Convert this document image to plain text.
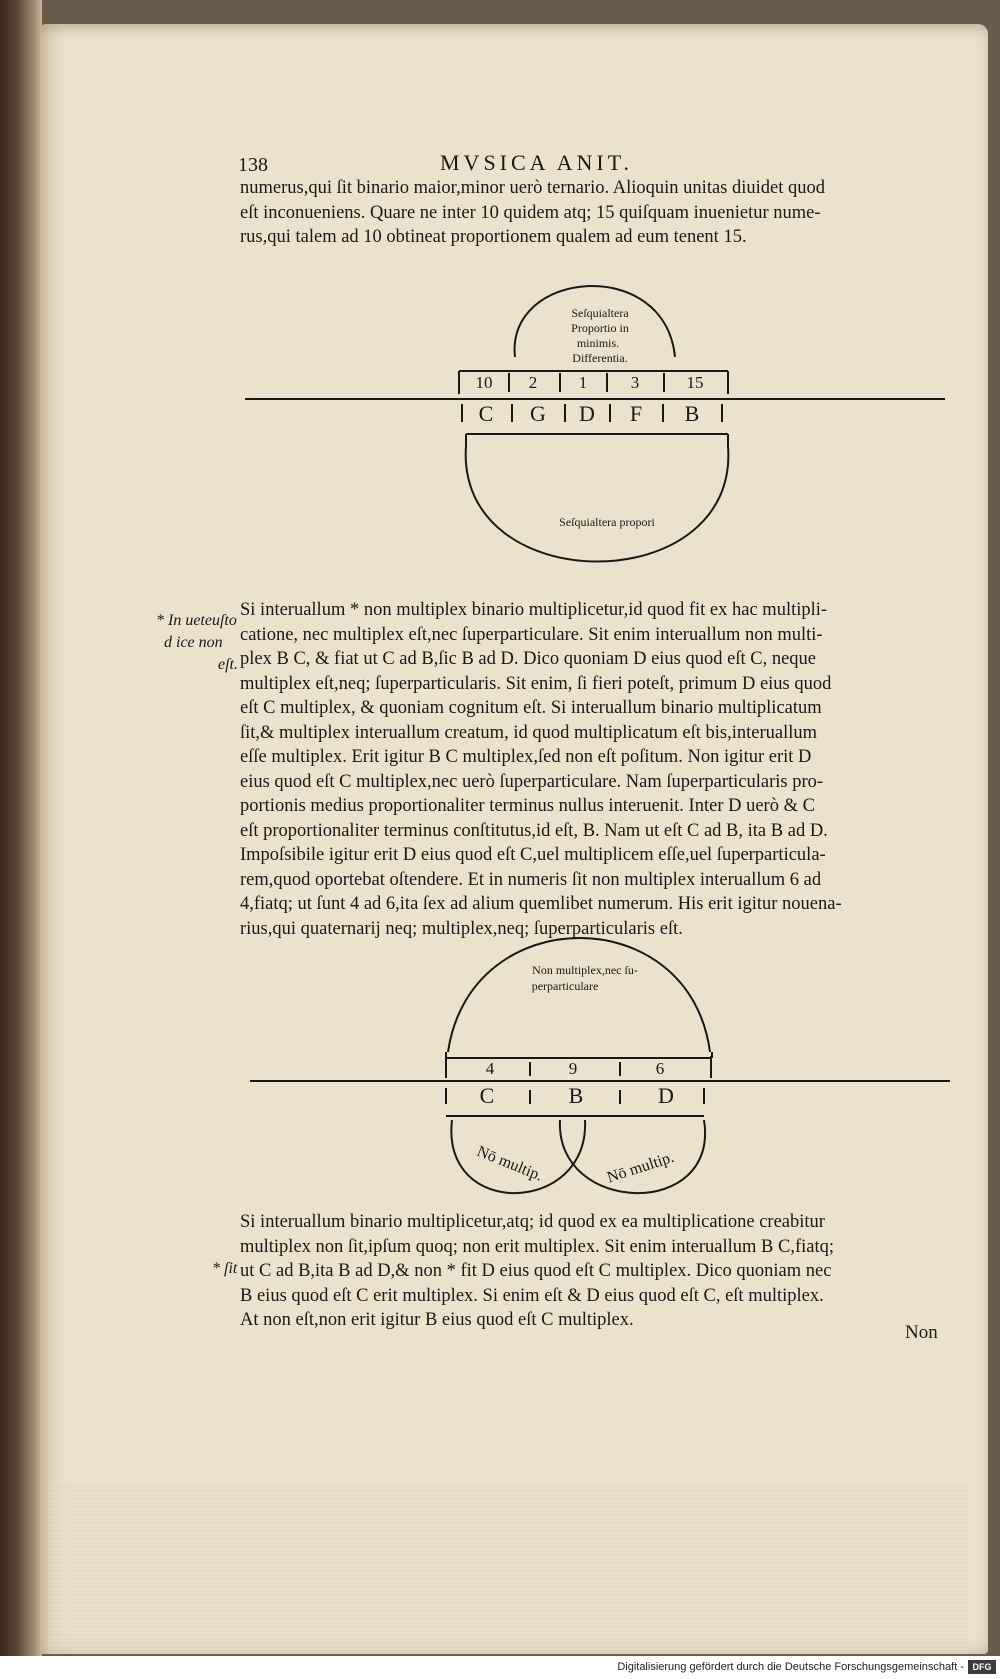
138	MVSICA ANIT.
numerus,qui ſit binario maior,minor uerò ternario. Alioquin unitas diuidet quod
eſt inconueniens. Quare ne inter 10 quidem atq; 15 quiſquam inuenietur nume-
rus,qui talem ad 10 obtineat proportionem qualem ad eum tenent 15.
Seſquialtera
Proportio in
minimis.
Differentia.
10 2 1	3	15
C G D F B
Seſquialtera propori
Non multiplex,nec ſu-
perparticulare
4	9	6
C	B	D
Nō multip.	Nō multip.
* In ueteuſto
d ice non
eſt.
Si interuallum * non multiplex binario multiplicetur,id quod fit ex hac multipli-
catione, nec multiplex eſt,nec ſuperparticulare. Sit enim interuallum non multi-
plex B C, & fiat ut C ad B,ſic B ad D. Dico quoniam D eius quod eſt C, neque
multiplex eſt,neq; ſuperparticularis. Sit enim, ſi fieri poteſt, primum D eius quod
eſt C multiplex, & quoniam cognitum eſt. Si interuallum binario multiplicatum
ſit,& multiplex interuallum creatum, id quod multiplicatum eſt bis,interuallum
eſſe multiplex. Erit igitur B C multiplex,ſed non eſt poſitum. Non igitur erit D
eius quod eſt C multiplex,nec uerò ſuperparticulare. Nam ſuperparticularis pro-
portionis medius proportionaliter terminus nullus interuenit. Inter D uerò & C
eſt proportionaliter terminus conſtitutus,id eſt, B. Nam ut eſt C ad B, ita B ad D.
Impoſsibile igitur erit D eius quod eſt C,uel multiplicem eſſe,uel ſuperparticula-
rem,quod oportebat oſtendere. Et in numeris ſit non multiplex interuallum 6 ad
4,fiatq; ut ſunt 4 ad 6,ita ſex ad alium quemlibet numerum. His erit igitur nouena-
rius,qui quaternarij neq; multiplex,neq; ſuperparticularis eſt.
* ſit
Si interuallum binario multiplicetur,atq; id quod ex ea multiplicatione creabitur
multiplex non ſit,ipſum quoq; non erit multiplex. Sit enim interuallum B C,fiatq;
ut C ad B,ita B ad D,& non * fit D eius quod eſt C multiplex. Dico quoniam nec
B eius quod eſt C erit multiplex. Si enim eſt & D eius quod eſt C, eſt multiplex.
At non eſt,non erit igitur B eius quod eſt C multiplex.
Non
Digitalisierung gefördert durch die Deutsche Forschungsgemeinschaft - DFG
